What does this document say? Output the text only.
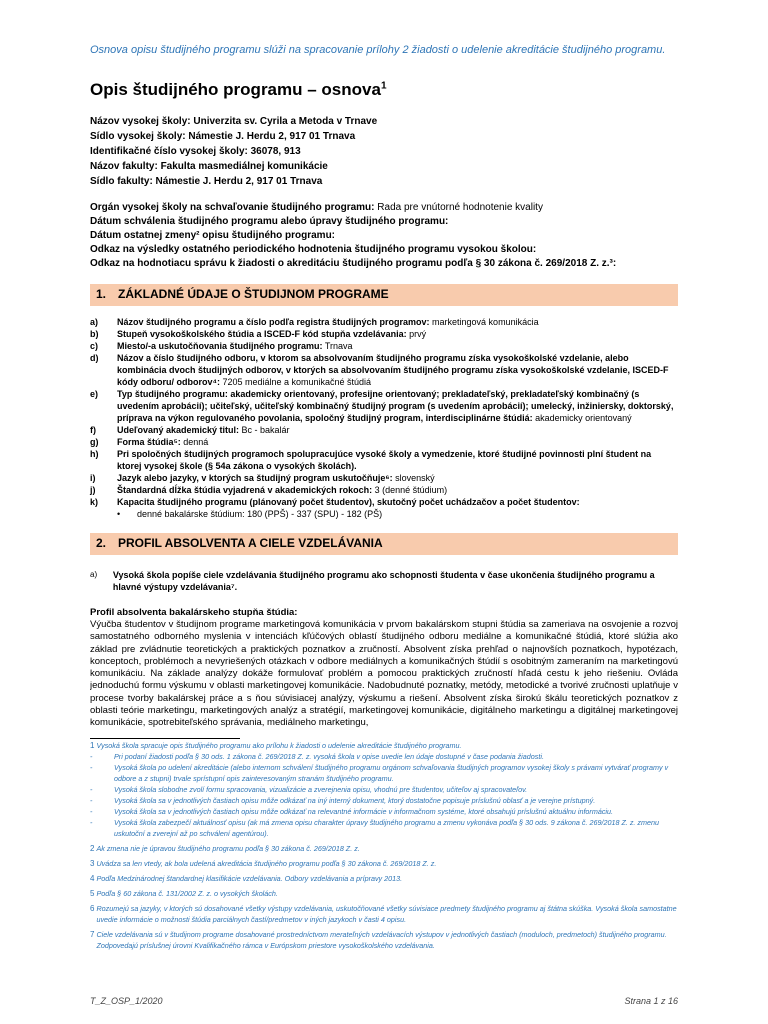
Osnova opisu študijného programu slúži na spracovanie prílohy 2 žiadosti o udelenie akreditácie študijného programu.
Opis študijného programu – osnova$^1$
Názov vysokej školy: Univerzita sv. Cyrila a Metoda v Trnave
Sídlo vysokej školy: Námestie J. Herdu 2, 917 01 Trnava
Identifikačné číslo vysokej školy: 36078, 913
Názov fakulty: Fakulta masmediálnej komunikácie
Sídlo fakulty: Námestie J. Herdu 2, 917 01 Trnava
Orgán vysokej školy na schvaľovanie študijného programu: Rada pre vnútorné hodnotenie kvality
Dátum schválenia študijného programu alebo úpravy študijného programu:
Dátum ostatnej zmeny² opisu študijného programu:
Odkaz na výsledky ostatného periodického hodnotenia študijného programu vysokou školou:
Odkaz na hodnotiacu správu k žiadosti o akreditáciu študijného programu podľa § 30 zákona č. 269/2018 Z. z.³:
1. ZÁKLADNÉ ÚDAJE O ŠTUDIJNOM PROGRAME
a)	Názov študijného programu a číslo podľa registra študijných programov: marketingová komunikácia
b)	Stupeň vysokoškolského štúdia a ISCED-F kód stupňa vzdelávania: prvý
c)	Miesto/-a uskutočňovania študijného programu: Trnava
d)	Názov a číslo študijného odboru, v ktorom sa absolvovaním študijného programu získa vysokoškolské vzdelanie, alebo kombinácia dvoch študijných odborov, v ktorých sa absolvovaním študijného programu získa vysokoškolské vzdelanie, ISCED-F kódy odboru/ odborov⁴: 7205 mediálne a komunikačné štúdiá
e)	Typ študijného programu: akademicky orientovaný, profesijne orientovaný; prekladateľský, prekladateľský kombinačný (s uvedením aprobácií); učiteľský, učiteľský kombinačný študijný program (s uvedením aprobácií); umelecký, inžiniersky, doktorský, príprava na výkon regulovaného povolania, spoločný študijný program, interdisciplinárne štúdiá: akademicky orientovaný
f)	Udeľovaný akademický titul: Bc - bakalár
g)	Forma štúdia⁵: denná
h)	Pri spoločných študijných programoch spolupracujúce vysoké školy a vymedzenie, ktoré študijné povinnosti plní študent na ktorej vysokej škole (§ 54a zákona o vysokých školách).
i)	Jazyk alebo jazyky, v ktorých sa študijný program uskutočňuje⁶: slovenský
j)	Štandardná dĺžka štúdia vyjadrená v akademických rokoch: 3 (denné štúdium)
k)	Kapacita študijného programu (plánovaný počet študentov), skutočný počet uchádzačov a počet študentov:
•	denné bakalárske štúdium: 180 (PPŠ) - 337 (SPU) - 182 (PŠ)
2. PROFIL ABSOLVENTA A CIELE VZDELÁVANIA
a)	Vysoká škola popíše ciele vzdelávania študijného programu ako schopnosti študenta v čase ukončenia študijného programu a hlavné výstupy vzdelávania⁷.
Profil absolventa bakalárskeho stupňa štúdia:
Výučba študentov v študijnom programe marketingová komunikácia v prvom bakalárskom stupni štúdia sa zameriava na osvojenie a rozvoj samostatného odborného myslenia v intenciách kľúčových oblastí študijného odboru mediálne a komunikačné štúdiá, ktoré slúžia ako základ pre zvládnutie teoretických a praktických poznatkov a zručností. Absolvent získa prehľad o najnovších poznatkoch, hypotézach, konceptoch, problémoch a nevyriešených otázkach v odbore mediálnych a komunikačných štúdií s osobitným zameraním na marketingovú komunikáciu. Na základe analýzy dokáže formulovať problém a pomocou praktických zručností hľadá cestu k jeho riešeniu. Ovláda jednoduchú formu výskumu v oblasti marketingovej komunikácie. Nadobudnuté poznatky, metódy, metodické a tvorivé zručnosti uplatňuje v procese tvorby bakalárskej práce a s ňou súvisiacej analýzy, výskumu a riešení. Absolvent získa širokú škálu teoretických poznatkov z oblasti teórie marketingu, marketingových analýz a stratégií, marketingovej komunikácie, digitálneho marketingu a digitálnej marketingovej komunikácie, spotrebiteľského správania, mediálneho marketingu,
1
Vysoká škola spracuje opis študijného programu ako prílohu k žiadosti o udelenie akreditácie študijného programu.
-	Pri podaní žiadosti podľa § 30 ods. 1 zákona č. 269/2018 Z. z. vysoká škola v opise uvedie len údaje dostupné v čase podania žiadosti.
-	Vysoká škola po udelení akreditácie (alebo internom schválení študijného programu orgánom schvaľovania študijných programov vysokej školy s právami vytvárať programy v odbore a z stupni) trvale sprístupní opis zainteresovaným stranám študijného programu.
-	Vysoká škola slobodne zvolí formu spracovania, vizualizácie a zverejnenia opisu, vhodnú pre študentov, učiteľov aj spracovateľov.
-	Vysoká škola sa v jednotlivých častiach opisu môže odkázať na iný interný dokument, ktorý dostatočne popisuje príslušnú oblasť a je verejne prístupný.
-	Vysoká škola sa v jednotlivých častiach opisu môže odkázať na relevantné informácie v informačnom systéme, ktoré obsahujú príslušnú aktuálnu informáciu.
-	Vysoká škola zabezpečí aktuálnosť opisu (ak má zmena opisu charakter úpravy študijného programu a zmenu vykonáva podľa § 30 ods. 9 zákona č. 269/2018 Z. z. zmenu uskutoční a zverejní až po schválení agentúrou).
2
Ak zmena nie je úpravou študijného programu podľa § 30 zákona č. 269/2018 Z. z.
3
Uvádza sa len vtedy, ak bola udelená akreditácia študijného programu podľa § 30 zákona č. 269/2018 Z. z.
4
Podľa Medzinárodnej štandardnej klasifikácie vzdelávania. Odbory vzdelávania a prípravy 2013.
5
Podľa § 60 zákona č. 131/2002 Z. z. o vysokých školách.
6
Rozumejú sa jazyky, v ktorých sú dosahované všetky výstupy vzdelávania, uskutočňované všetky súvisiace predmety študijného programu aj štátna skúška. Vysoká škola samostatne uvedie informácie o možnosti štúdia parciálnych častí/predmetov v iných jazykoch v časti 4 opisu.
7
Ciele vzdelávania sú v študijnom programe dosahované prostredníctvom merateľných vzdelávacích výstupov v jednotlivých častiach (moduloch, predmetoch) študijného programu. Zodpovedajú príslušnej úrovni Kvalifikačného rámca v Európskom priestore vysokoškolského vzdelávania.
T_Z_OSP_1/2020	Strana 1 z 16
